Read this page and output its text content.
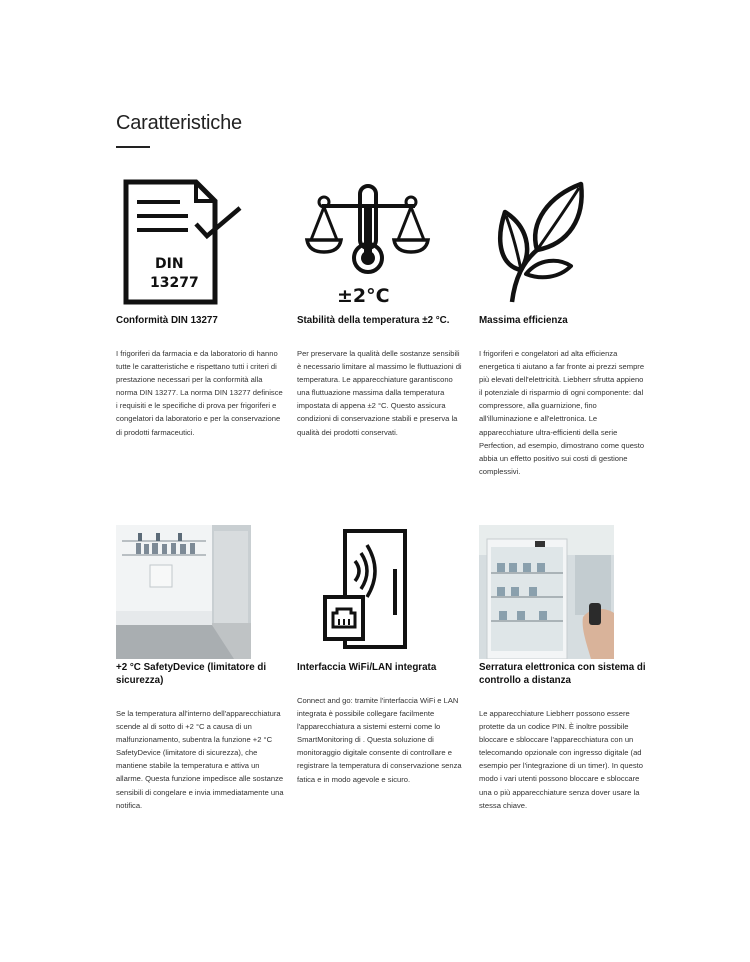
Caratteristiche
DIN
13277
Conformità DIN 13277
I frigoriferi da farmacia e da laboratorio di hanno tutte le caratteristiche e rispettano tutti i criteri di prestazione necessari per la conformità alla norma DIN 13277. La norma DIN 13277 definisce i requisiti e le specifiche di prova per frigoriferi e congelatori da laboratorio e per la conservazione di prodotti farmaceutici.
±2°C
Stabilità della temperatura ±2 °C.
Per preservare la qualità delle sostanze sensibili è necessario limitare al massimo le fluttuazioni di temperatura. Le apparecchiature garantiscono una fluttuazione massima dalla temperatura impostata di appena ±2 °C. Questo assicura condizioni di conservazione stabili e preserva la qualità dei prodotti conservati.
Massima efficienza
I frigoriferi e congelatori ad alta efficienza energetica ti aiutano a far fronte ai prezzi sempre più elevati dell'elettricità. Liebherr sfrutta appieno il potenziale di risparmio di ogni componente: dal compressore, alla guarnizione, fino all'illuminazione e all'elettronica. Le apparecchiature ultra-efficienti della serie Perfection, ad esempio, dimostrano come questo abbia un effetto positivo sui costi di gestione complessivi.
+2 °C SafetyDevice (limitatore di sicurezza)
Se la temperatura all'interno dell'apparecchiatura scende al di sotto di +2 °C a causa di un malfunzionamento, subentra la funzione +2 °C SafetyDevice (limitatore di sicurezza), che mantiene stabile la temperatura e attiva un allarme. Questa funzione impedisce alle sostanze sensibili di congelare e invia immediatamente una notifica.
Interfaccia WiFi/LAN integrata
Connect and go: tramite l'interfaccia WiFi e LAN integrata è possibile collegare facilmente l'apparecchiatura a sistemi esterni come lo SmartMonitoring di . Questa soluzione di monitoraggio digitale consente di controllare e registrare la temperatura di conservazione senza fatica e in modo agevole e sicuro.
Serratura elettronica con sistema di controllo a distanza
Le apparecchiature Liebherr possono essere protette da un codice PIN. È inoltre possibile bloccare e sbloccare l'apparecchiatura con un telecomando opzionale con ingresso digitale (ad esempio per l'integrazione di un timer). In questo modo i vari utenti possono bloccare e sbloccare una o più apparecchiature senza dover usare la stessa chiave.
